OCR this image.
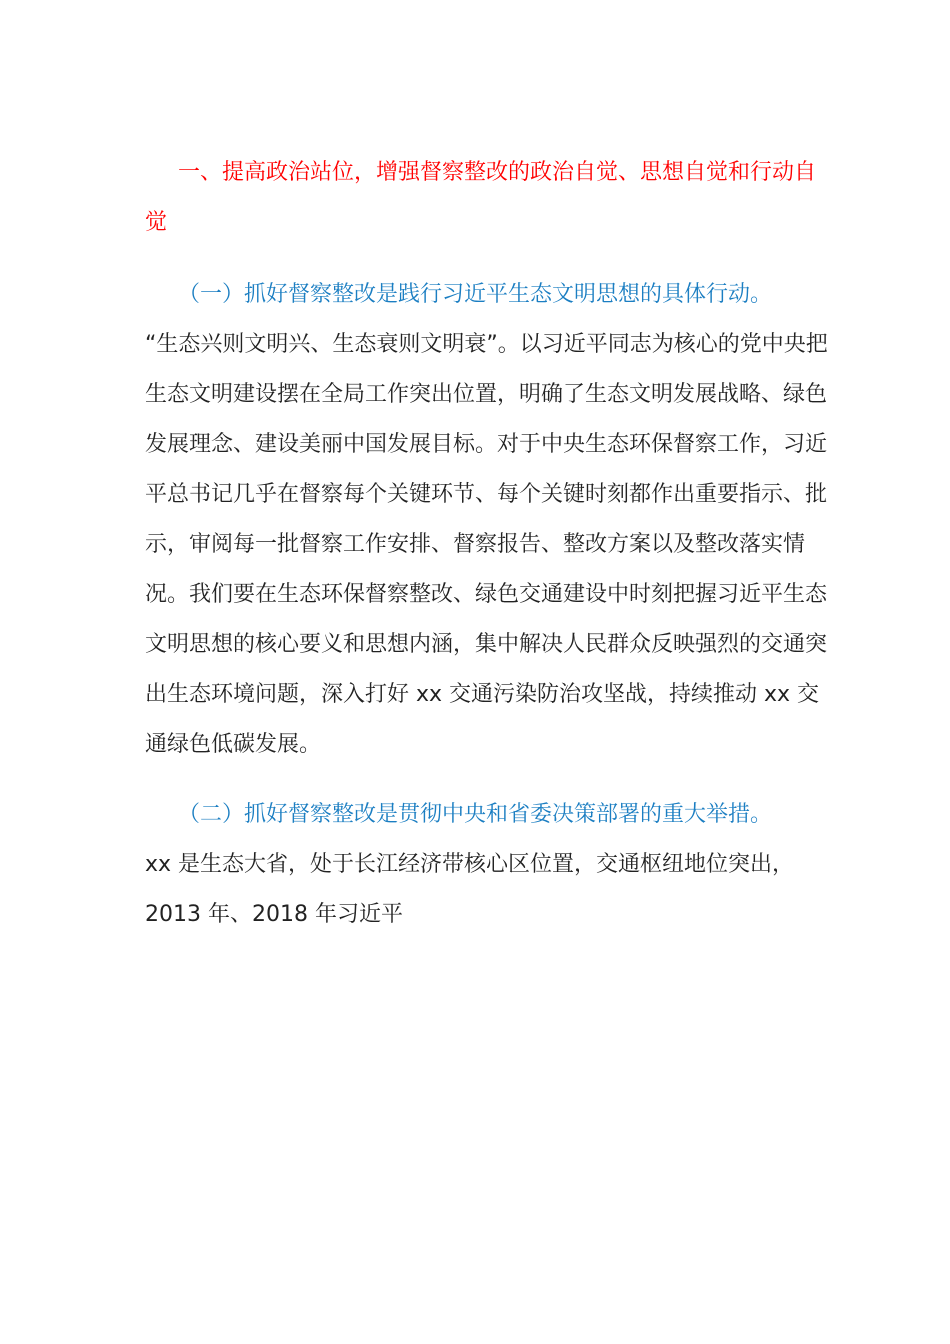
一、提高政治站位，增强督察整改的政治自觉、思想自觉和行动自觉

（一）抓好督察整改是践行习近平生态文明思想的具体行动。
“生态兴则文明兴、生态衰则文明衰”。以习近平同志为核心的党中央把生态文明建设摆在全局工作突出位置，明确了生态文明发展战略、绿色发展理念、建设美丽中国发展目标。对于中央生态环保督察工作，习近平总书记几乎在督察每个关键环节、每个关键时刻都作出重要指示、批示，审阅每一批督察工作安排、督察报告、整改方案以及整改落实情况。我们要在生态环保督察整改、绿色交通建设中时刻把握习近平生态文明思想的核心要义和思想内涵，集中解决人民群众反映强烈的交通突出生态环境问题，深入打好 xx 交通污染防治攻坚战，持续推动 xx 交通绿色低碳发展。

（二）抓好督察整改是贯彻中央和省委决策部署的重大举措。
xx 是生态大省，处于长江经济带核心区位置，交通枢纽地位突出，2013 年、2018 年习近平
